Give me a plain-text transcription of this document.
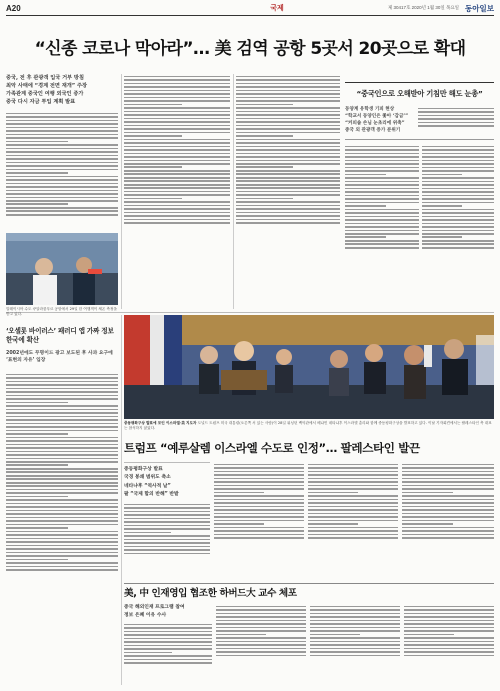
A20	국제	제 30417호 2020년 1월 30일 목요일 동아일보
“신종 코로나 막아라”… 美 검역 공항 5곳서 20곳으로 확대
중국, 전 후 관광객 입국 거부 방침
최악 사태에 “경계 전면 재개” 주장
가족관계 중국인 여행 외국인 증가
중국 다시 자금 투입 계획 발표
“중국인으로 오해받아 기침만 해도 눈총”
동양계 유학생 기피 현상
“학교서 동양인은 쫓아 ‘감금’”
“커피숍 손님 눈초리에 위축”
중국 외 관광객 증가 분위기
말레이시아 수도 쿠알라룸푸르 공항에서 29일 한 여행객이 체온 측정을 받고 있다.
‘오셀롯 바이러스’ 패러디 앱 가짜 정보 한국에 확산
2002년에도 무명이드 광고 보도된 후 사과 요구에 ‘표현의 자유’ 입장
중동평화구상 발표에 모인 이스라엘·美 지도자 도널드 트럼프 미국 대통령(오른쪽 서 있는 사람)이 28일 워싱턴 백악관에서 베냐민 네타냐후 이스라엘 총리와 함께 중동평화구상을 발표하고 있다. 이날 기자회견에서는 팔레스타인 측 대표는 참석하지 않았다.
트럼프 “예루살렘 이스라엘 수도로 인정”… 팔레스타인 발끈
중동평화구상 발표
국경 봉쇄 범위도 축소
네타냐후 “역사적 날”
팔 “국제 합의 반해” 반발
美, 中 인재영입 협조한 하버드大 교수 체포
중국 해외인재 프로그램 참여
정보 은폐 이유 수사
